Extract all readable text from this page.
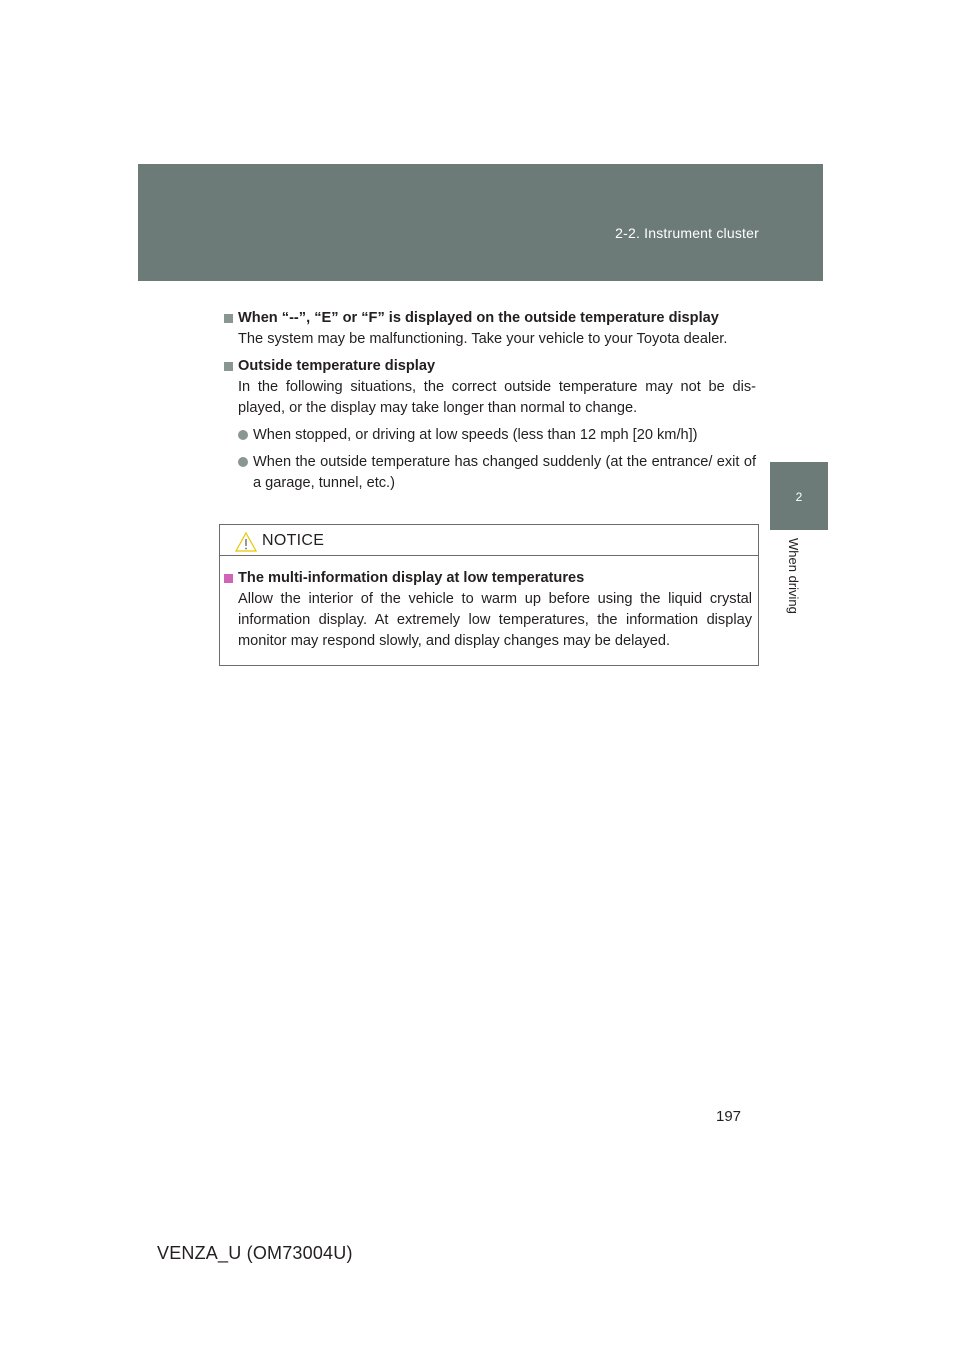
2-2. Instrument cluster
2
When driving
When “--”, “E” or “F” is displayed on the outside temperature display
The system may be malfunctioning. Take your vehicle to your Toyota dealer.
Outside temperature display
In the following situations, the correct outside temperature may not be dis-played, or the display may take longer than normal to change.
When stopped, or driving at low speeds (less than 12 mph [20 km/h])
When the outside temperature has changed suddenly (at the entrance/ exit of a garage, tunnel, etc.)
NOTICE
The multi-information display at low temperatures
Allow the interior of the vehicle to warm up before using the liquid crystal information display. At extremely low temperatures, the information display monitor may respond slowly, and display changes may be delayed.
197
VENZA_U (OM73004U)
